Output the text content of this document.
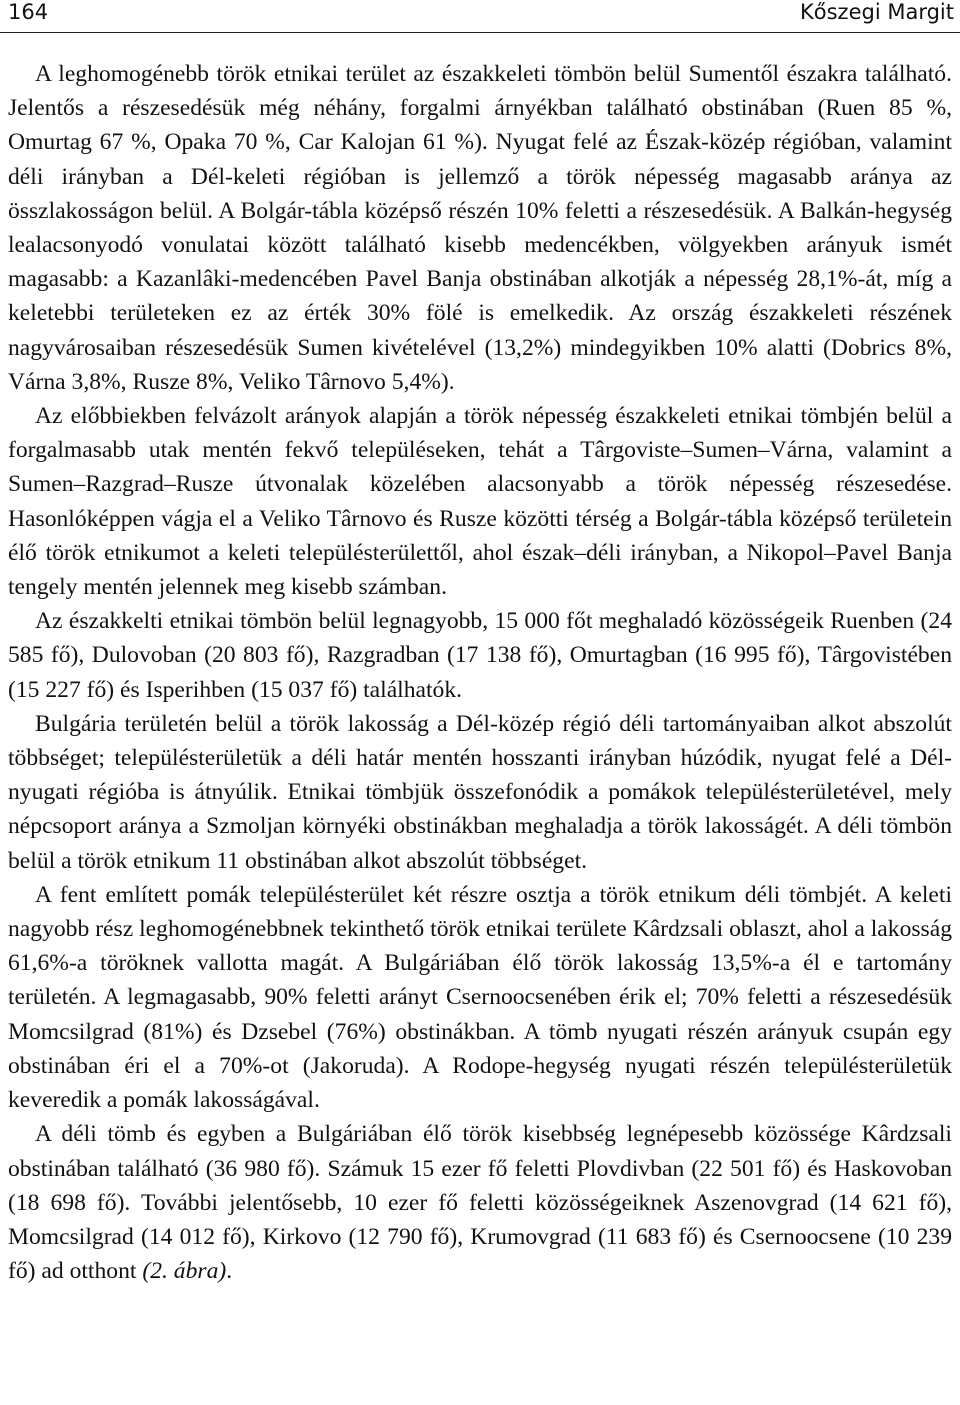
164	Kőszegi Margit

A leghomogénebb török etnikai terület az északkeleti tömbön belül Sumentől északra található. Jelentős a részesedésük még néhány, forgalmi árnyékban található obstinában (Ruen 85 %, Omurtag 67 %, Opaka 70 %, Car Kalojan 61 %). Nyugat felé az Észak-közép régióban, valamint déli irányban a Dél-keleti régióban is jellemző a török népesség magasabb aránya az összlakosságon belül. A Bolgár-tábla középső részén 10% feletti a részesedésük. A Balkán-hegység lealacsonyodó vonulatai között található kisebb medencékben, völgyekben arányuk ismét magasabb: a Kazanlâki-medencében Pavel Banja obstinában alkotják a népesség 28,1%-át, míg a keletebbi területeken ez az érték 30% fölé is emelkedik. Az ország északkeleti részének nagyvárosaiban részesedésük Sumen kivételével (13,2%) mindegyikben 10% alatti (Dobrics 8%, Várna 3,8%, Rusze 8%, Veliko Târnovo 5,4%).

Az előbbiekben felvázolt arányok alapján a török népesség északkeleti etnikai tömbjén belül a forgalmasabb utak mentén fekvő településeken, tehát a Târgoviste–Sumen–Várna, valamint a Sumen–Razgrad–Rusze útvonalak közelében alacsonyabb a török népesség részesedése. Hasonlóképpen vágja el a Veliko Târnovo és Rusze közötti térség a Bolgár-tábla középső területein élő török etnikumot a keleti településterülettől, ahol észak–déli irányban, a Nikopol–Pavel Banja tengely mentén jelennek meg kisebb számban.

Az északkelti etnikai tömbön belül legnagyobb, 15 000 főt meghaladó közösségeik Ruenben (24 585 fő), Dulovoban (20 803 fő), Razgradban (17 138 fő), Omurtagban (16 995 fő), Târgovistében (15 227 fő) és Isperihben (15 037 fő) találhatók.

Bulgária területén belül a török lakosság a Dél-közép régió déli tartományaiban alkot abszolút többséget; településterületük a déli határ mentén hosszanti irányban húzódik, nyugat felé a Dél-nyugati régióba is átnyúlik. Etnikai tömbjük összefonódik a pomákok településterületével, mely népcsoport aránya a Szmoljan környéki obstinákban meghaladja a török lakosságét. A déli tömbön belül a török etnikum 11 obstinában alkot abszolút többséget.

A fent említett pomák településterület két részre osztja a török etnikum déli tömbjét. A keleti nagyobb rész leghomogénebbnek tekinthető török etnikai területe Kârdzsali oblaszt, ahol a lakosság 61,6%-a töröknek vallotta magát. A Bulgáriában élő török lakosság 13,5%-a él e tartomány területén. A legmagasabb, 90% feletti arányt Csernoocsenében érik el; 70% feletti a részesedésük Momcsilgrad (81%) és Dzsebel (76%) obstinákban. A tömb nyugati részén arányuk csupán egy obstinában éri el a 70%-ot (Jakoruda). A Rodope-hegység nyugati részén településterületük keveredik a pomák lakosságával.

A déli tömb és egyben a Bulgáriában élő török kisebbség legnépesebb közössége Kârdzsali obstinában található (36 980 fő). Számuk 15 ezer fő feletti Plovdivban (22 501 fő) és Haskovoban (18 698 fő). További jelentősebb, 10 ezer fő feletti közösségeiknek Aszenovgrad (14 621 fő), Momcsilgrad (14 012 fő), Kirkovo (12 790 fő), Krumovgrad (11 683 fő) és Csernoocsene (10 239 fő) ad otthont (2. ábra).
